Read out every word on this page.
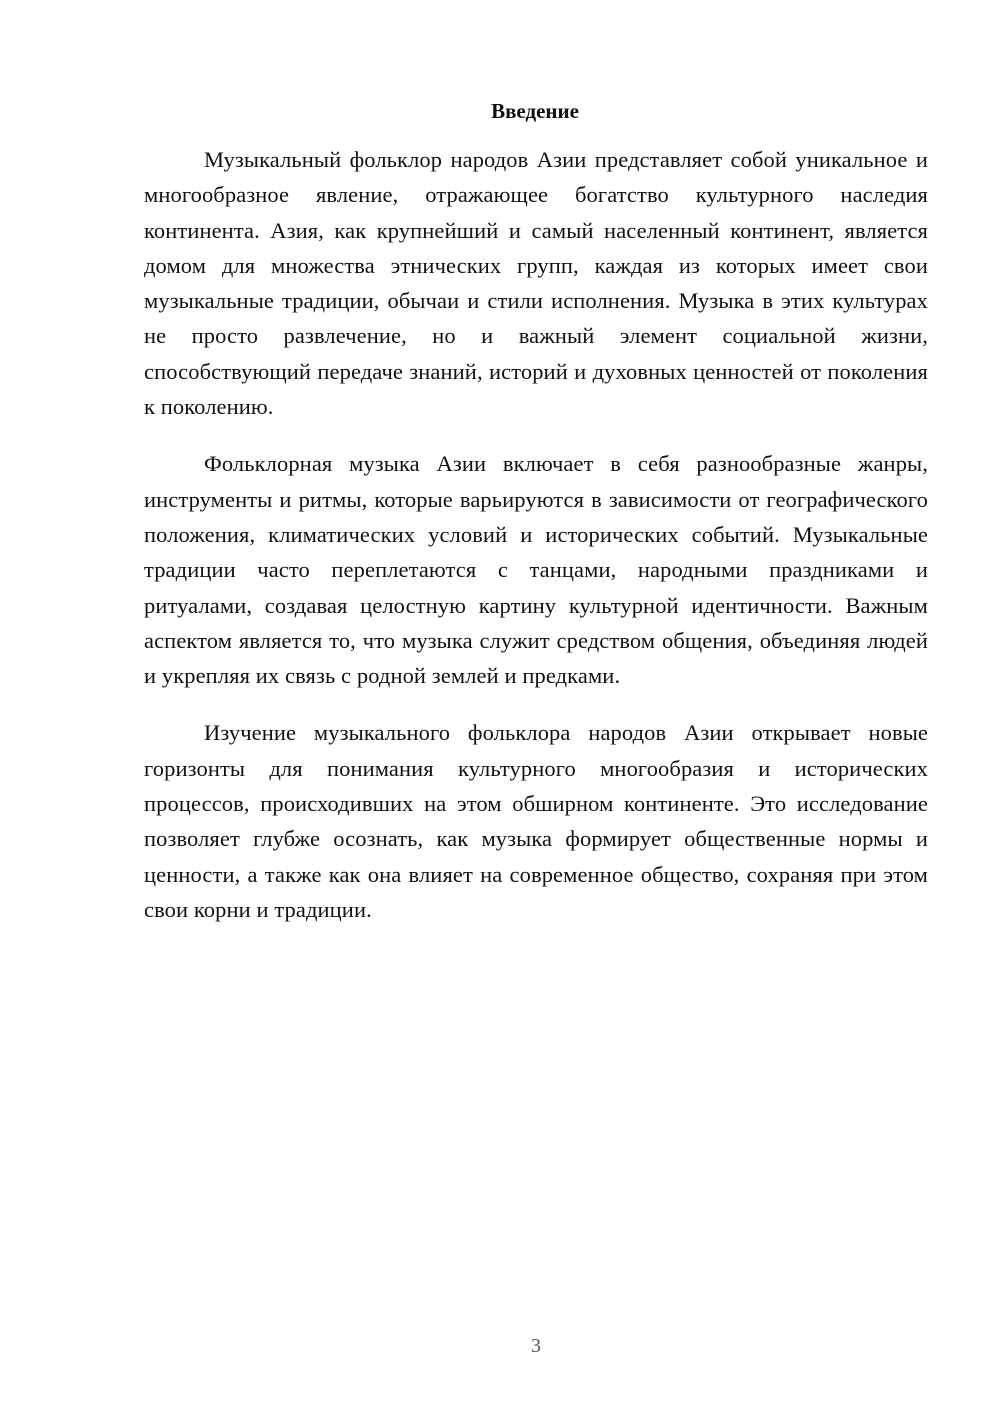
Введение

Музыкальный фольклор народов Азии представляет собой уникальное и многообразное явление, отражающее богатство культурного наследия континента. Азия, как крупнейший и самый населенный континент, является домом для множества этнических групп, каждая из которых имеет свои музыкальные традиции, обычаи и стили исполнения. Музыка в этих культурах не просто развлечение, но и важный элемент социальной жизни, способствующий передаче знаний, историй и духовных ценностей от поколения к поколению.

Фольклорная музыка Азии включает в себя разнообразные жанры, инструменты и ритмы, которые варьируются в зависимости от географического положения, климатических условий и исторических событий. Музыкальные традиции часто переплетаются с танцами, народными праздниками и ритуалами, создавая целостную картину культурной идентичности. Важным аспектом является то, что музыка служит средством общения, объединяя людей и укрепляя их связь с родной землей и предками.

Изучение музыкального фольклора народов Азии открывает новые горизонты для понимания культурного многообразия и исторических процессов, происходивших на этом обширном континенте. Это исследование позволяет глубже осознать, как музыка формирует общественные нормы и ценности, а также как она влияет на современное общество, сохраняя при этом свои корни и традиции.

3
